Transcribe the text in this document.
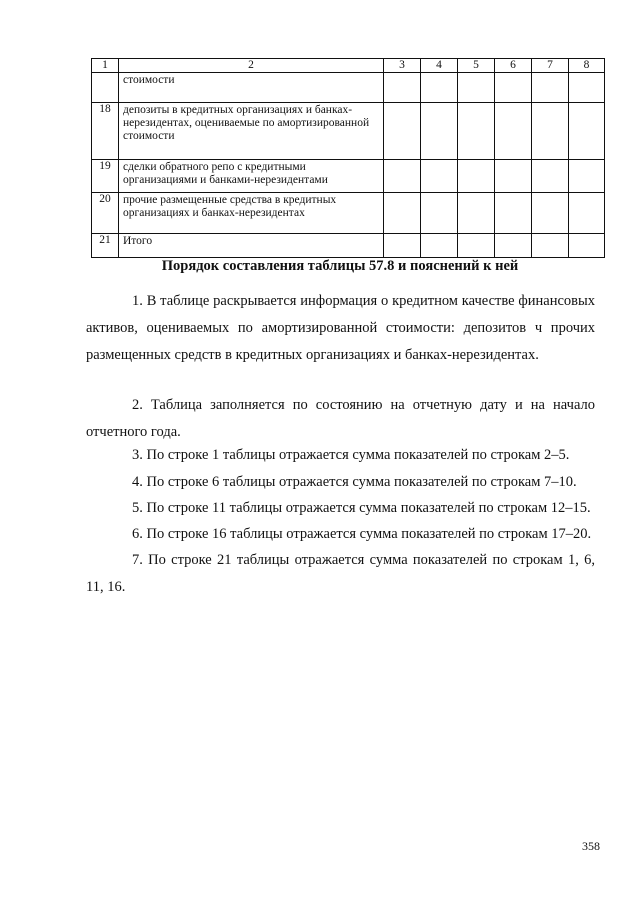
1	2	3	4	5	6	7	8
	стоимости						
18	депозиты в кредитных организациях и банках-нерезидентах, оцениваемые по амортизированной стоимости						
19	сделки обратного репо с кредитными организациями и банками-нерезидентами						
20	прочие размещенные средства в кредитных организациях и банках-нерезидентах						
21	Итого						
Порядок составления таблицы 57.8 и пояснений к ней

1. В таблице раскрывается информация о кредитном качестве финансовых активов, оцениваемых по амортизированной стоимости: депозитов ч прочих размещенных средств в кредитных организациях и банках-нерезидентах.

2. Таблица заполняется по состоянию на отчетную дату и на начало отчетного года.

3. По строке 1 таблицы отражается сумма показателей по строкам 2–5.

4. По строке 6 таблицы отражается сумма показателей по строкам 7–10.

5. По строке 11 таблицы отражается сумма показателей по строкам 12–15.

6. По строке 16 таблицы отражается сумма показателей по строкам 17–20.

7. По строке 21 таблицы отражается сумма показателей по строкам 1, 6, 11, 16.

358
